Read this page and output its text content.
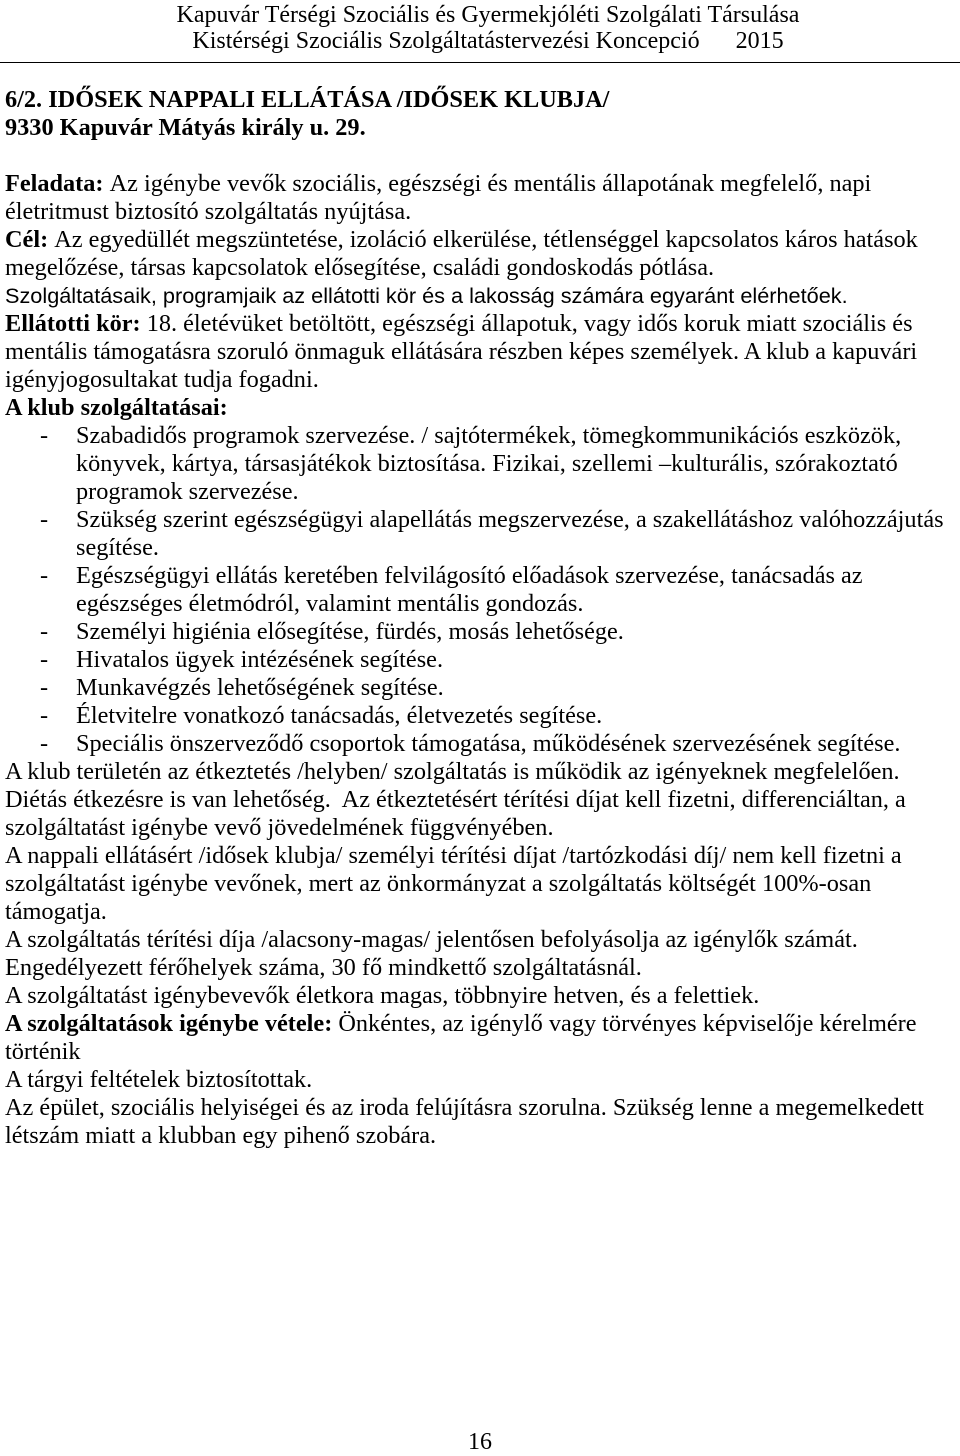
Kapuvár Térségi Szociális és Gyermekjóléti Szolgálati Társulása
Kistérségi Szociális Szolgáltatástervezési Koncepció 2015
6/2. IDŐSEK NAPPALI ELLÁTÁSA /IDŐSEK KLUBJA/
9330 Kapuvár Mátyás király u. 29.
Feladata: Az igénybe vevők szociális, egészségi és mentális állapotának megfelelő, napi
életritmust biztosító szolgáltatás nyújtása.
Cél: Az egyedüllét megszüntetése, izoláció elkerülése, tétlenséggel kapcsolatos káros hatások
megelőzése, társas kapcsolatok elősegítése, családi gondoskodás pótlása.
Szolgáltatásaik, programjaik az ellátotti kör és a lakosság számára egyaránt elérhetőek.
Ellátotti kör: 18. életévüket betöltött, egészségi állapotuk, vagy idős koruk miatt szociális és
mentális támogatásra szoruló önmaguk ellátására részben képes személyek. A klub a kapuvári
igényjogosultakat tudja fogadni.
A klub szolgáltatásai:
- Szabadidős programok szervezése. / sajtótermékek, tömegkommunikációs eszközök,
könyvek, kártya, társasjátékok biztosítása. Fizikai, szellemi –kulturális, szórakoztató
programok szervezése.
- Szükség szerint egészségügyi alapellátás megszervezése, a szakellátáshoz valóhozzájutás
segítése.
- Egészségügyi ellátás keretében felvilágosító előadások szervezése, tanácsadás az
egészséges életmódról, valamint mentális gondozás.
- Személyi higiénia elősegítése, fürdés, mosás lehetősége.
- Hivatalos ügyek intézésének segítése.
- Munkavégzés lehetőségének segítése.
- Életvitelre vonatkozó tanácsadás, életvezetés segítése.
- Speciális önszerveződő csoportok támogatása, működésének szervezésének segítése.
A klub területén az étkeztetés /helyben/ szolgáltatás is működik az igényeknek megfelelően.
Diétás étkezésre is van lehetőség.  Az étkeztetésért térítési díjat kell fizetni, differenciáltan, a
szolgáltatást igénybe vevő jövedelmének függvényében.
A nappali ellátásért /idősek klubja/ személyi térítési díjat /tartózkodási díj/ nem kell fizetni a
szolgáltatást igénybe vevőnek, mert az önkormányzat a szolgáltatás költségét 100%-osan
támogatja.
A szolgáltatás térítési díja /alacsony-magas/ jelentősen befolyásolja az igénylők számát.
Engedélyezett férőhelyek száma, 30 fő mindkettő szolgáltatásnál.
A szolgáltatást igénybevevők életkora magas, többnyire hetven, és a felettiek.
A szolgáltatások igénybe vétele: Önkéntes, az igénylő vagy törvényes képviselője kérelmére
történik
A tárgyi feltételek biztosítottak.
Az épület, szociális helyiségei és az iroda felújításra szorulna. Szükség lenne a megemelkedett
létszám miatt a klubban egy pihenő szobára.
16
